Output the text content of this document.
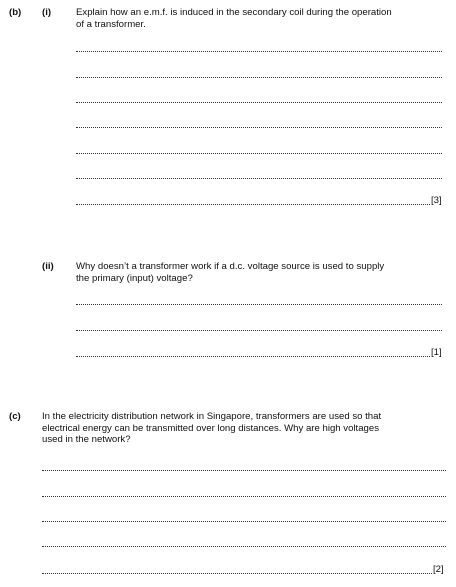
(b) (i)	Explain how an e.m.f. is induced in the secondary coil during the operation
of a transformer.
[3]
(ii) Why doesn’t a transformer work if a d.c. voltage source is used to supply
the primary (input) voltage?
[1]
(c) In the electricity distribution network in Singapore, transformers are used so that
electrical energy can be transmitted over long distances. Why are high voltages
used in the network?
[2]
